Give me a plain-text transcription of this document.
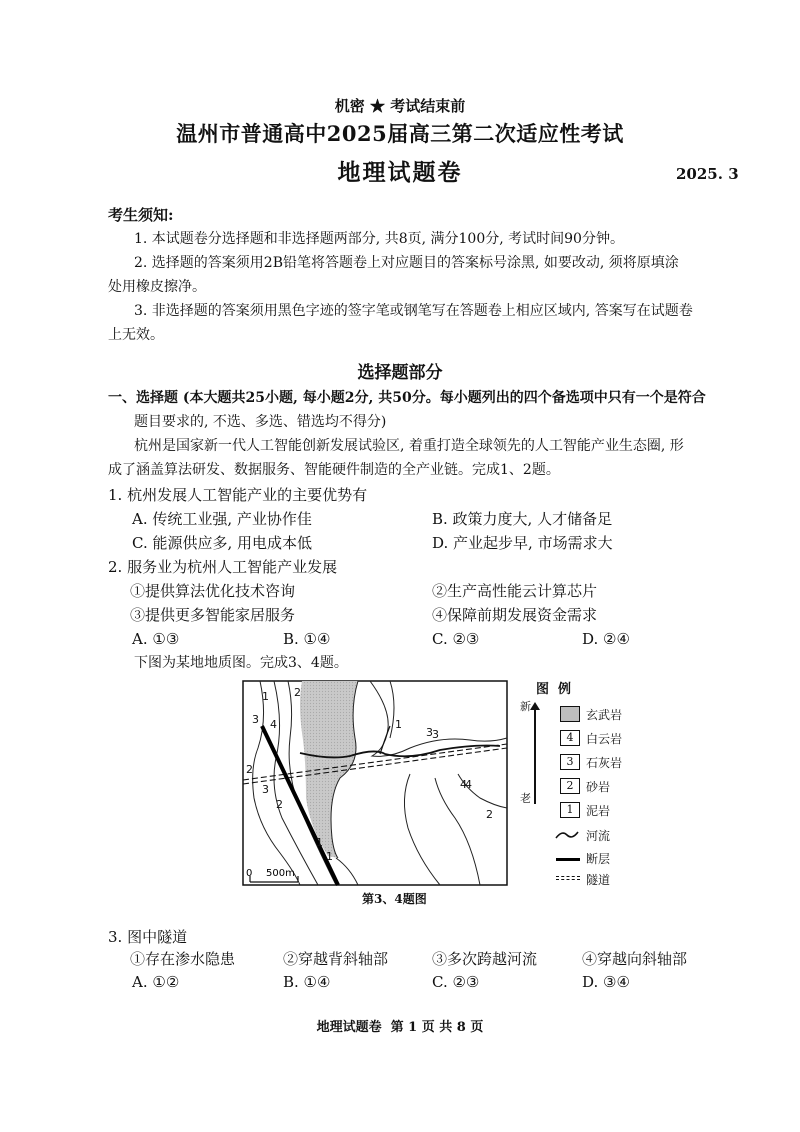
机密 ★ 考试结束前
温州市普通高中2025届高三第二次适应性考试
地理试题卷	2025. 3
考生须知:
1. 本试题卷分选择题和非选择题两部分, 共8页, 满分100分, 考试时间90分钟。
2. 选择题的答案须用2B铅笔将答题卷上对应题目的答案标号涂黑, 如要改动, 须将原填涂
处用橡皮擦净。
3. 非选择题的答案须用黑色字迹的签字笔或钢笔写在答题卷上相应区域内, 答案写在试题卷
上无效。
选择题部分
一、选择题 (本大题共25小题, 每小题2分, 共50分。每小题列出的四个备选项中只有一个是符合
题目要求的, 不选、多选、错选均不得分)
杭州是国家新一代人工智能创新发展试验区, 着重打造全球领先的人工智能产业生态圈, 形
成了涵盖算法研发、数据服务、智能硬件制造的全产业链。完成1、2题。
1. 杭州发展人工智能产业的主要优势有
A. 传统工业强, 产业协作佳	B. 政策力度大, 人才储备足
C. 能源供应多, 用电成本低	D. 产业起步早, 市场需求大
2. 服务业为杭州人工智能产业发展
①提供算法优化技术咨询	②生产高性能云计算芯片
③提供更多智能家居服务	④保障前期发展资金需求
A. ①③	B. ①④	C. ②③	D. ②④
下图为某地地质图。完成3、4题。
1 2
3 4
2
3
1
3
4
1
2
3
4
2
1
0 500m
图  例
新
老
玄武岩
4	白云岩
3	石灰岩
2	砂岩
1	泥岩
河流
断层
隧道
第3、4题图
3. 图中隧道
①存在渗水隐患	②穿越背斜轴部	③多次跨越河流	④穿越向斜轴部
A. ①②	B. ①④	C. ②③	D. ③④
地理试题卷  第 1 页 共 8 页
